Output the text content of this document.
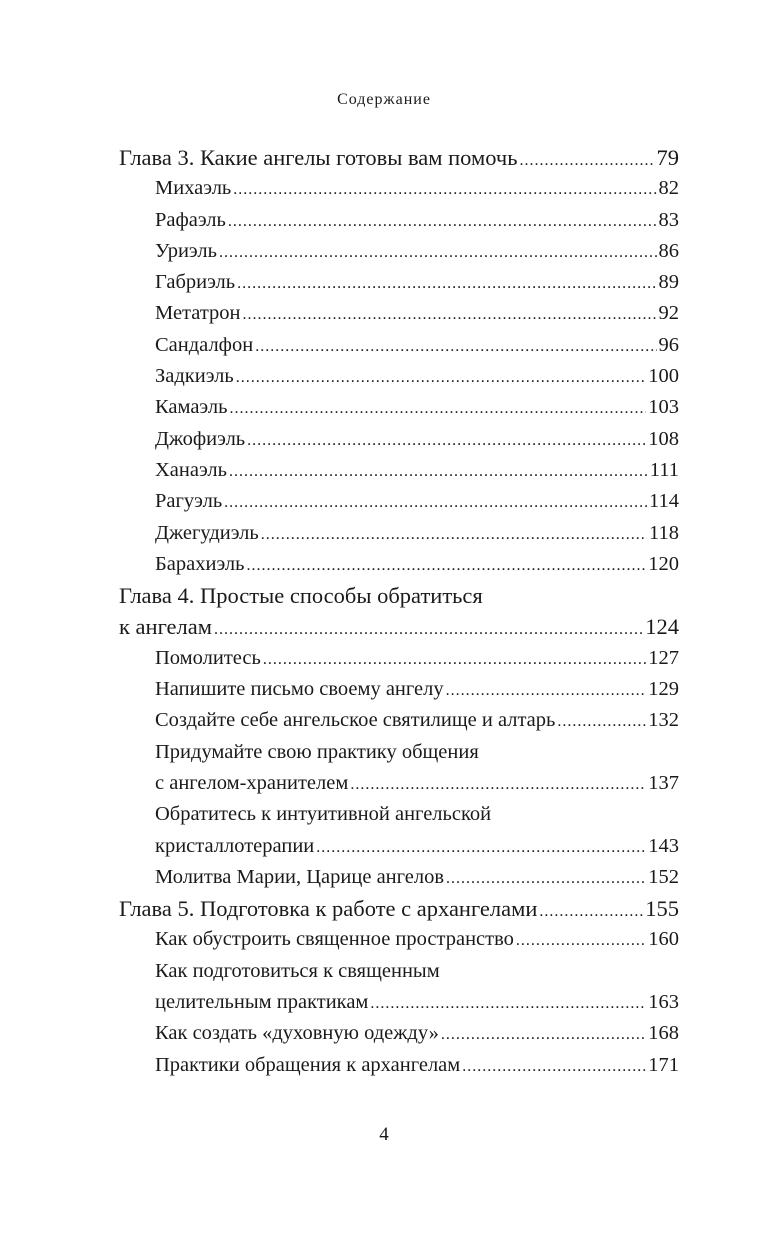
Содержание
Глава 3. Какие ангелы готовы вам помочь .....	79
Михаэль .....	82
Рафаэль .....	83
Уриэль .....	86
Габриэль .....	89
Метатрон .....	92
Сандалфон .....	96
Задкиэль .....	100
Камаэль .....	103
Джофиэль .....	108
Ханаэль .....	111
Рагуэль .....	114
Джегудиэль .....	118
Барахиэль .....	120
Глава 4. Простые способы обратиться
к ангелам .....	124
Помолитесь .....	127
Напишите письмо своему ангелу .....	129
Создайте себе ангельское святилище и алтарь .....	132
Придумайте свою практику общения
с ангелом-хранителем .....	137
Обратитесь к интуитивной ангельской
кристаллотерапии .....	143
Молитва Марии, Царице ангелов .....	152
Глава 5. Подготовка к работе с архангелами .....	155
Как обустроить священное пространство .....	160
Как подготовиться к священным
целительным практикам .....	163
Как создать «духовную одежду» .....	168
Практики обращения к архангелам .....	171
4
